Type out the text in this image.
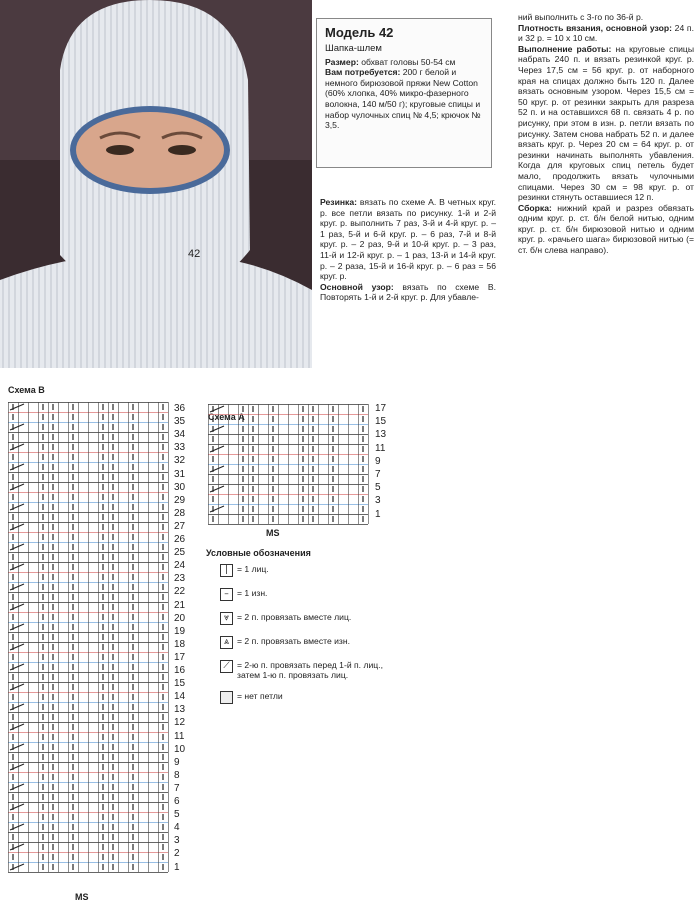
42
Модель 42
Шапка-шлем
Размер: обхват головы 50-54 см
Вам потребуется: 200 г белой и немного бирюзовой пряжи New Cotton (60% хлопка, 40% микро-фазерного волокна, 140 м/50 г); круговые спицы и набор чулочных спиц № 4,5; крючок № 3,5.
Резинка: вязать по схеме А. В четных круг. р. все петли вязать по рисунку. 1-й и 2-й круг. р. выполнить 7 раз, 3-й и 4-й круг. р. – 1 раз, 5-й и 6-й круг. р. – 6 раз, 7-й и 8-й круг. р. – 2 раз, 9-й и 10-й круг. р. – 3 раз, 11-й и 12-й круг. р. – 1 раз, 13-й и 14-й круг. р. – 2 раза, 15-й и 16-й круг. р. – 6 раз = 56 круг. р.
Основной узор: вязать по схеме В. Повторять 1-й и 2-й круг. р. Для убавле-
ний выполнить с 3-го по 36-й р.
Плотность вязания, основной узор: 24 п. и 32 р. = 10 х 10 см.
Выполнение работы: на круговые спицы набрать 240 п. и вязать резинкой круг. р. Через 17,5 см = 56 круг. р. от наборного края на спицах должно быть 120 п. Далее вязать основным узором. Через 15,5 см = 50 круг. р. от резинки закрыть для разреза 52 п. и на оставшихся 68 п. связать 4 р. по рисунку, при этом в изн. р. петли вязать по рисунку. Затем снова набрать 52 п. и далее вязать круг. р. Через 20 см = 64 круг. р. от резинки начинать выполнять убавления. Когда для круговых спиц петель будет мало, продолжить вязать чулочными спицами. Через 30 см = 98 круг. р. от резинки стянуть оставшиеся 12 п.
Сборка: нижний край и разрез обвязать одним круг. р. ст. б/н белой нитью, одним круг. р. ст. б/н бирюзовой нитью и одним круг. р. «рачьего шага» бирюзовой нитью (= ст. б/н слева направо).
Схема В
36
35
34
33
32
31
30
29
28
27
26
25
24
23
22
21
20
19
18
17
16
15
14
13
12
11
10
9
8
7
6
5
4
3
2
1
MS
Схема А
17
15
13
11
9
7
5
3
1
MS
Условные обозначения
|	= 1 лиц.
– = 1 изн.
⩔ = 2 п. провязать вместе лиц.
⩓ = 2 п. провязать вместе изн.
⟋ = 2-ю п. провязать перед 1-й п. лиц., затем 1-ю п. провязать лиц.
= нет петли
